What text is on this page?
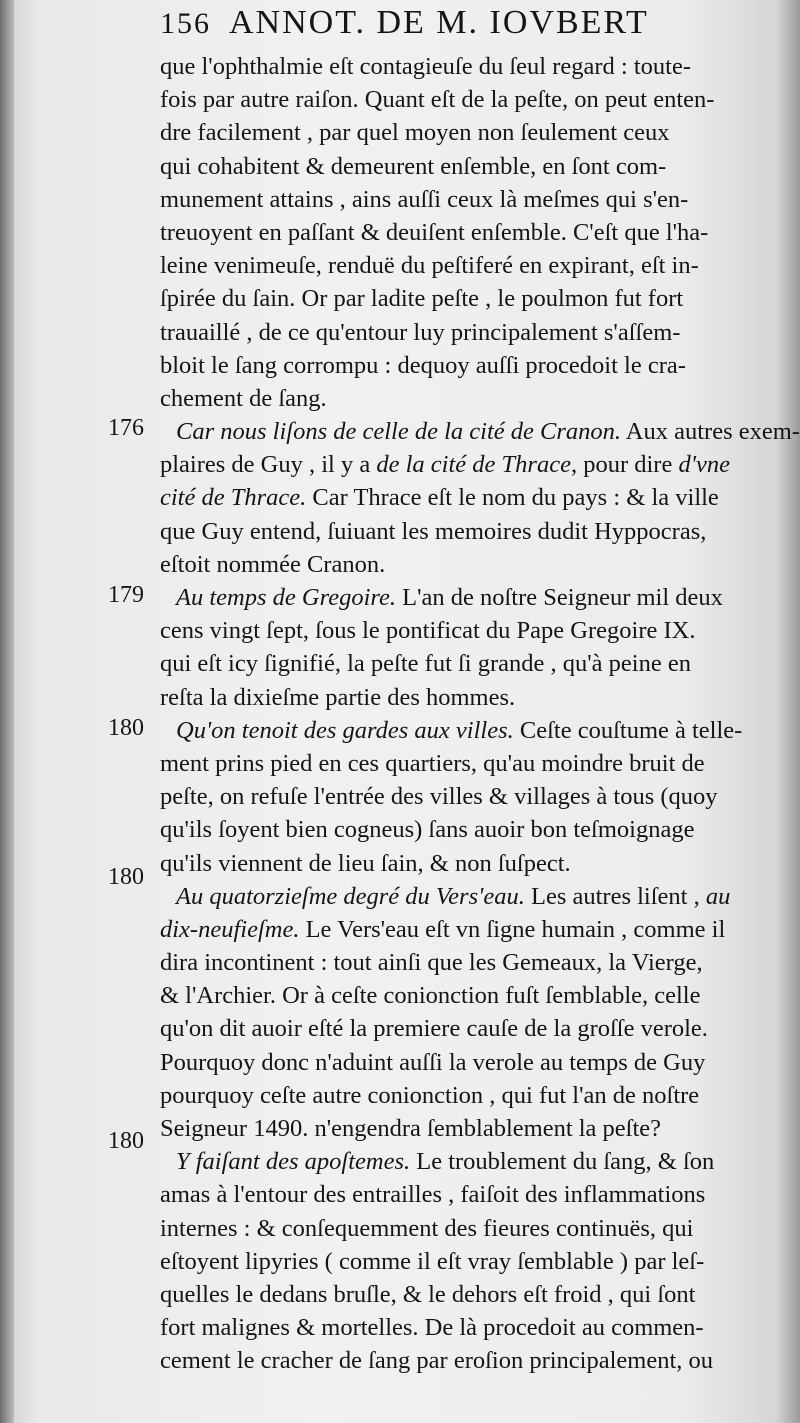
156 ANNOT. DE M. IOVBERT
176
179
180
180
180
que l'ophthalmie eſt contagieuſe du ſeul regard : toute-
fois par autre raiſon. Quant eſt de la peſte, on peut enten-
dre facilement , par quel moyen non ſeulement ceux
qui cohabitent & demeurent enſemble, en ſont com-
munement attains , ains auſſi ceux là meſmes qui s'en-
treuoyent en paſſant & deuiſent enſemble. C'eſt que l'ha-
leine venimeuſe, renduë du peſtiferé en expirant, eſt in-
ſpirée du ſain. Or par ladite peſte , le poulmon fut fort
trauaillé , de ce qu'entour luy principalement s'aſſem-
bloit le ſang corrompu : dequoy auſſi procedoit le cra-
chement de ſang.
Car nous liſons de celle de la cité de Cranon. Aux autres exem-
plaires de Guy , il y a de la cité de Thrace, pour dire d'vne
cité de Thrace. Car Thrace eſt le nom du pays : & la ville
que Guy entend, ſuiuant les memoires dudit Hyppocras,
eſtoit nommée Cranon.
Au temps de Gregoire. L'an de noſtre Seigneur mil deux
cens vingt ſept, ſous le pontificat du Pape Gregoire IX.
qui eſt icy ſignifié, la peſte fut ſi grande , qu'à peine en
reſta la dixieſme partie des hommes.
Qu'on tenoit des gardes aux villes. Ceſte couſtume à telle-
ment prins pied en ces quartiers, qu'au moindre bruit de
peſte, on refuſe l'entrée des villes & villages à tous (quoy
qu'ils ſoyent bien cogneus) ſans auoir bon teſmoignage
qu'ils viennent de lieu ſain, & non ſuſpect.
Au quatorzieſme degré du Vers'eau. Les autres liſent , au
dix-neufieſme. Le Vers'eau eſt vn ſigne humain , comme il
dira incontinent : tout ainſi que les Gemeaux, la Vierge,
& l'Archier. Or à ceſte conionction fuſt ſemblable, celle
qu'on dit auoir eſté la premiere cauſe de la groſſe verole.
Pourquoy donc n'aduint auſſi la verole au temps de Guy
pourquoy ceſte autre conionction , qui fut l'an de noſtre
Seigneur 1490. n'engendra ſemblablement la peſte?
Y faiſant des apoſtemes. Le troublement du ſang, & ſon
amas à l'entour des entrailles , faiſoit des inflammations
internes : & conſequemment des fieures continuës, qui
eſtoyent lipyries ( comme il eſt vray ſemblable ) par leſ-
quelles le dedans bruſle, & le dehors eſt froid , qui ſont
fort malignes & mortelles. De là procedoit au commen-
cement le cracher de ſang par eroſion principalement, ou
